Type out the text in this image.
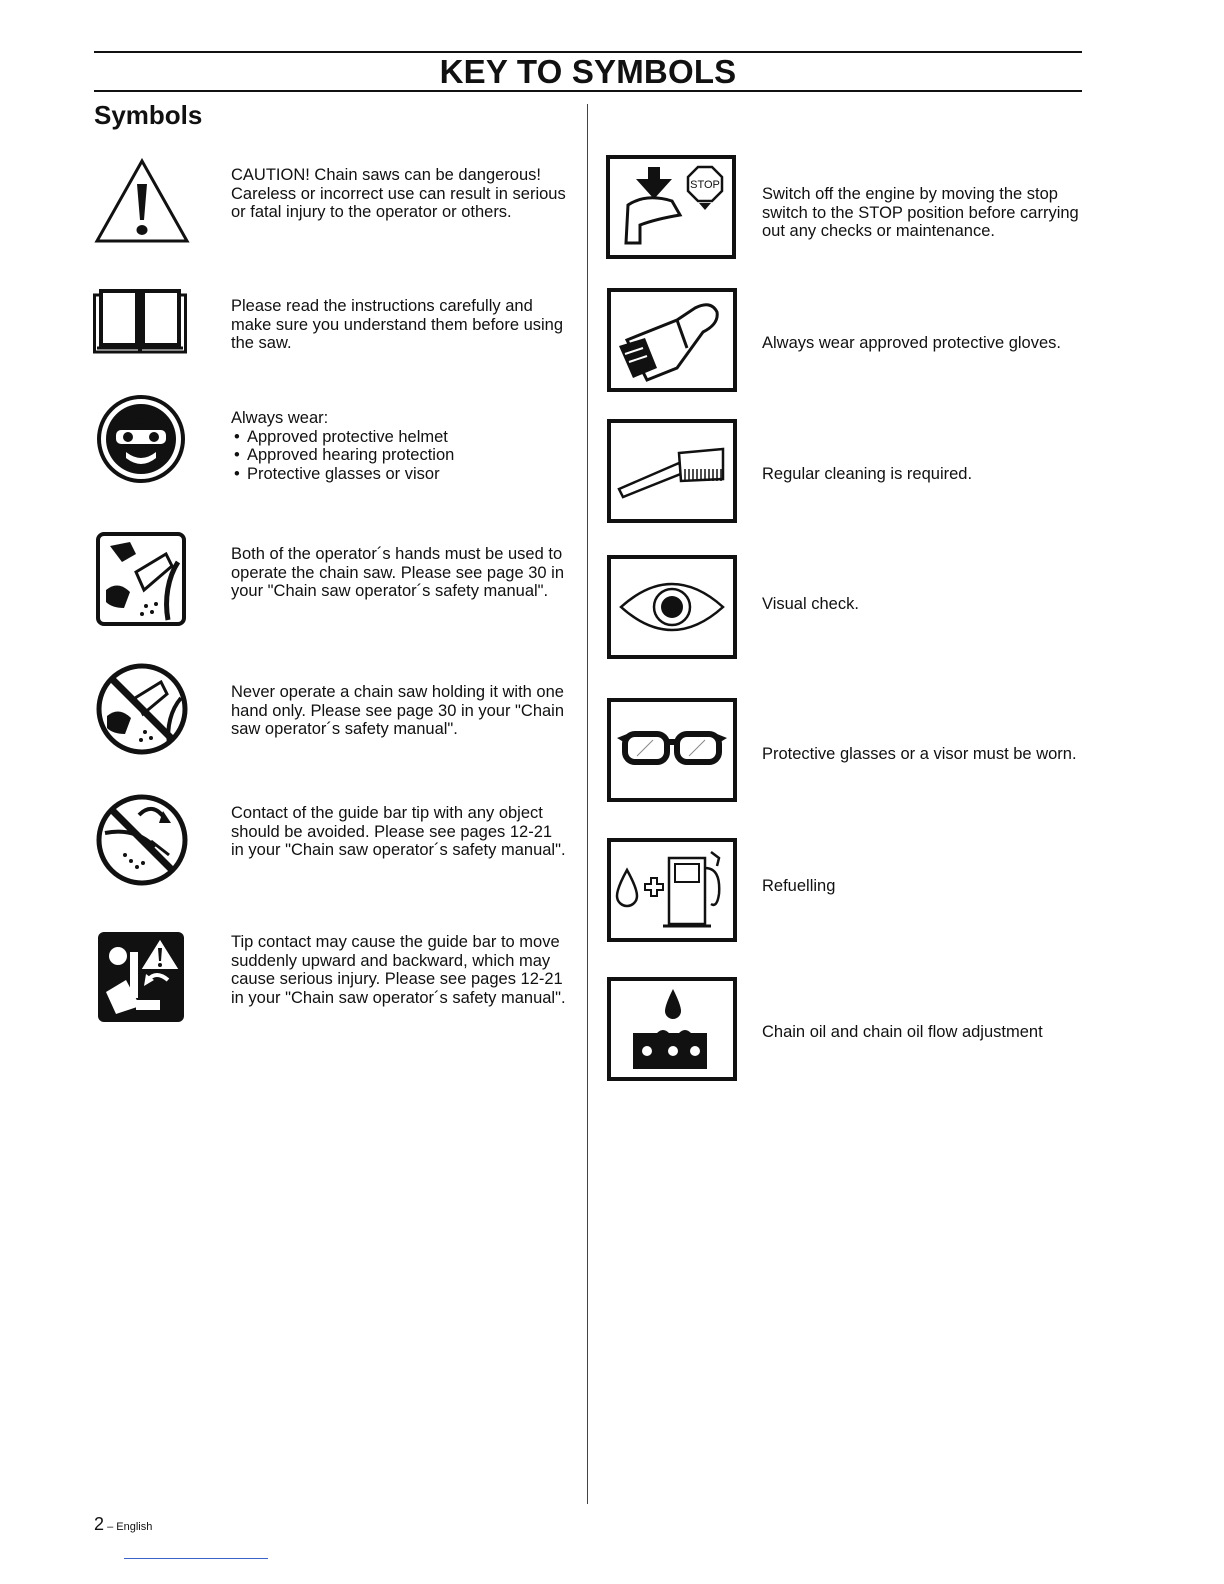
KEY TO SYMBOLS
Symbols
CAUTION! Chain saws can be dangerous! Careless or incorrect use can result in serious or fatal injury to the operator or others.
Please read the instructions carefully and make sure you understand them before using the saw.
Always wear:
• Approved protective helmet
• Approved hearing protection
• Protective glasses or visor
Both of the operator´s hands must be used to operate the chain saw. Please see page 30 in your "Chain saw operator´s safety manual".
Never operate a chain saw holding it with one hand only. Please see page 30 in your "Chain saw operator´s safety manual".
Contact of the guide bar tip with any object should be avoided. Please see pages 12-21 in your "Chain saw operator´s safety manual".
Tip contact may cause the guide bar to move suddenly upward and backward, which may cause serious injury. Please see pages 12-21 in your "Chain saw operator´s safety manual".
STOP	Switch off the engine by moving the stop switch to the STOP position before carrying out any checks or maintenance.
Always wear approved protective gloves.
Regular cleaning is required.
Visual check.
Protective glasses or a visor must be worn.
Refuelling
Chain oil and chain oil flow adjustment
2 – English
